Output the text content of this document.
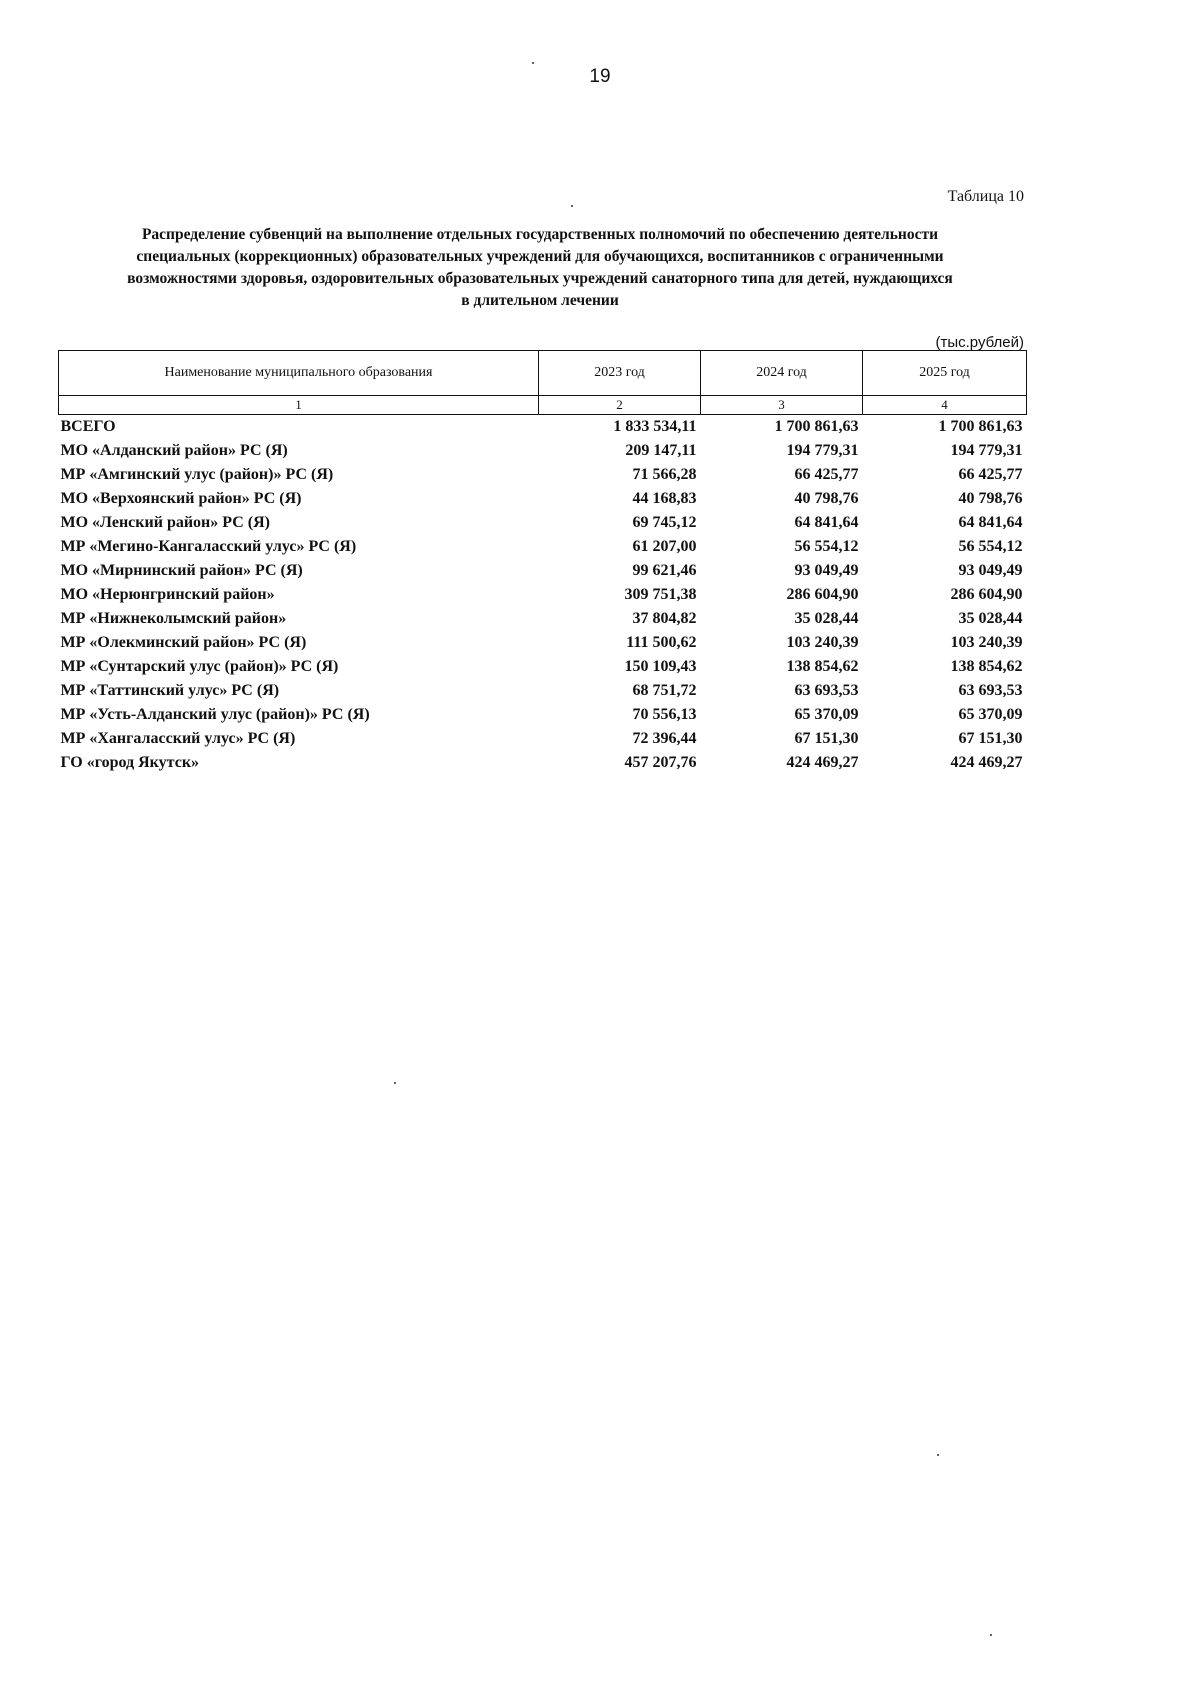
19
Таблица 10
Распределение субвенций на выполнение отдельных государственных полномочий по обеспечению деятельности
специальных (коррекционных) образовательных учреждений для обучающихся, воспитанников с ограниченными
возможностями здоровья, оздоровительных образовательных учреждений санаторного типа для детей, нуждающихся
в длительном лечении
(тыс.рублей)
Наименование муниципального образования	2023 год	2024 год	2025 год
1	2	3	4
ВСЕГО	1 833 534,11	1 700 861,63	1 700 861,63
МО «Алданский район» РС (Я)	209 147,11	194 779,31	194 779,31
МР «Амгинский улус (район)» РС (Я)	71 566,28	66 425,77	66 425,77
МО «Верхоянский район» РС (Я)	44 168,83	40 798,76	40 798,76
МО «Ленский район» РС (Я)	69 745,12	64 841,64	64 841,64
МР «Мегино-Кангаласский улус» РС (Я)	61 207,00	56 554,12	56 554,12
МО «Мирнинский район» РС (Я)	99 621,46	93 049,49	93 049,49
МО «Нерюнгринский район»	309 751,38	286 604,90	286 604,90
МР «Нижнеколымский район»	37 804,82	35 028,44	35 028,44
МР «Олекминский район» РС (Я)	111 500,62	103 240,39	103 240,39
МР «Сунтарский улус (район)» РС (Я)	150 109,43	138 854,62	138 854,62
МР «Таттинский улус» РС (Я)	68 751,72	63 693,53	63 693,53
МР «Усть-Алданский улус (район)» РС (Я)	70 556,13	65 370,09	65 370,09
МР «Хангаласский улус» РС (Я)	72 396,44	67 151,30	67 151,30
ГО «город Якутск»	457 207,76	424 469,27	424 469,27
